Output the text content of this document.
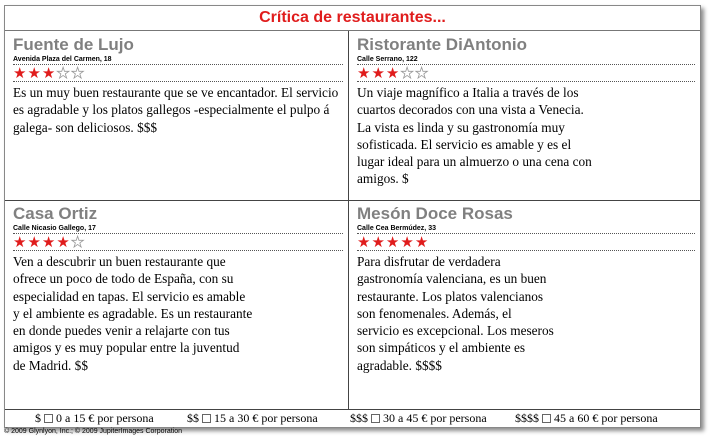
Crítica de restaurantes...
Fuente de Lujo
Avenida Plaza del Carmen, 18
★★★★★
Es un muy buen restaurante que se ve encantador. El servicio es agradable y los platos gallegos -especialmente el pulpo á galega- son deliciosos. $$$
Ristorante DiAntonio
Calle Serrano, 122
★★★★★
Un viaje magnífico a Italia a través de los cuartos decorados con una vista a Venecia. La vista es linda y su gastronomía muy sofisticada. El servicio es amable y es el lugar ideal para un almuerzo o una cena con amigos. $
Casa Ortiz
Calle Nicasio Gallego, 17
★★★★★
Ven a descubrir un buen restaurante que ofrece un poco de todo de España, con su especialidad en tapas. El servicio es amable y el ambiente es agradable. Es un restaurante en donde puedes venir a relajarte con tus amigos y es muy popular entre la juventud de Madrid. $$
Mesón Doce Rosas
Calle Cea Bermúdez, 33
★★★★★
Para disfrutar de verdadera gastronomía valenciana, es un buen restaurante. Los platos valencianos son fenomenales. Además, el servicio es excepcional. Los meseros son simpáticos y el ambiente es agradable. $$$$
$ 0 a 15 € por persona	$$ 15 a 30 € por persona	$$$ 30 a 45 € por persona $$$$ 45 a 60 € por persona
© 2009 Glynlyon, Inc.; © 2009 JupiterImages Corporation
